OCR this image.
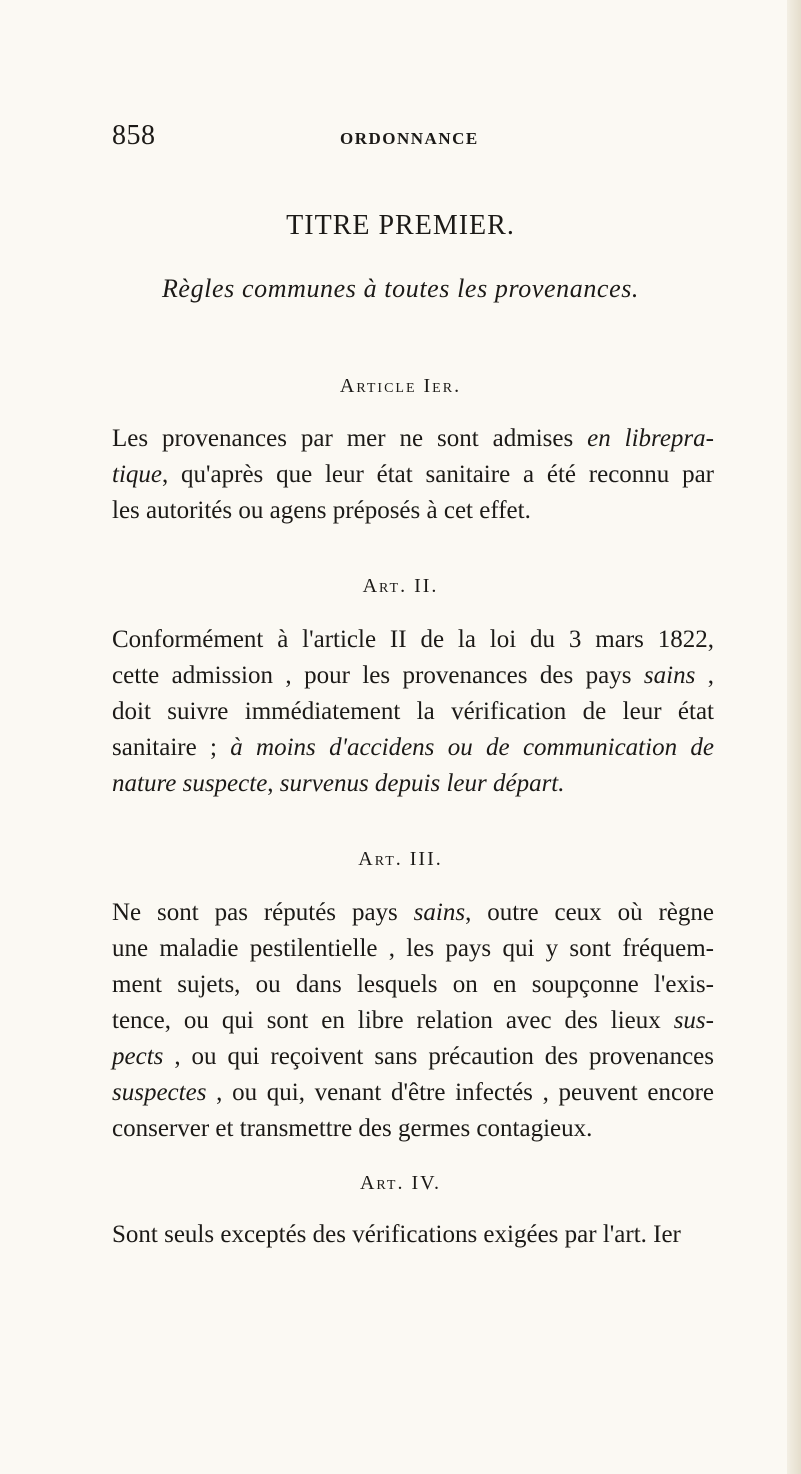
858	ORDONNANCE
TITRE PREMIER.
Règles communes à toutes les provenances.
Article Ier.
Les provenances par mer ne sont admises en librepra-
tique, qu'après que leur état sanitaire a été reconnu par
les autorités ou agens préposés à cet effet.
Art. II.
Conformément à l'article II de la loi du 3 mars 1822,
cette admission , pour les provenances des pays sains ,
doit suivre immédiatement la vérification de leur état
sanitaire ; à moins d'accidens ou de communication de
nature suspecte, survenus depuis leur départ.
Art. III.
Ne sont pas réputés pays sains, outre ceux où règne
une maladie pestilentielle , les pays qui y sont fréquem-
ment sujets, ou dans lesquels on en soupçonne l'exis-
tence, ou qui sont en libre relation avec des lieux sus-
pects , ou qui reçoivent sans précaution des provenances
suspectes , ou qui, venant d'être infectés , peuvent encore
conserver et transmettre des germes contagieux.
Art. IV.
Sont seuls exceptés des vérifications exigées par l'art. Ier
